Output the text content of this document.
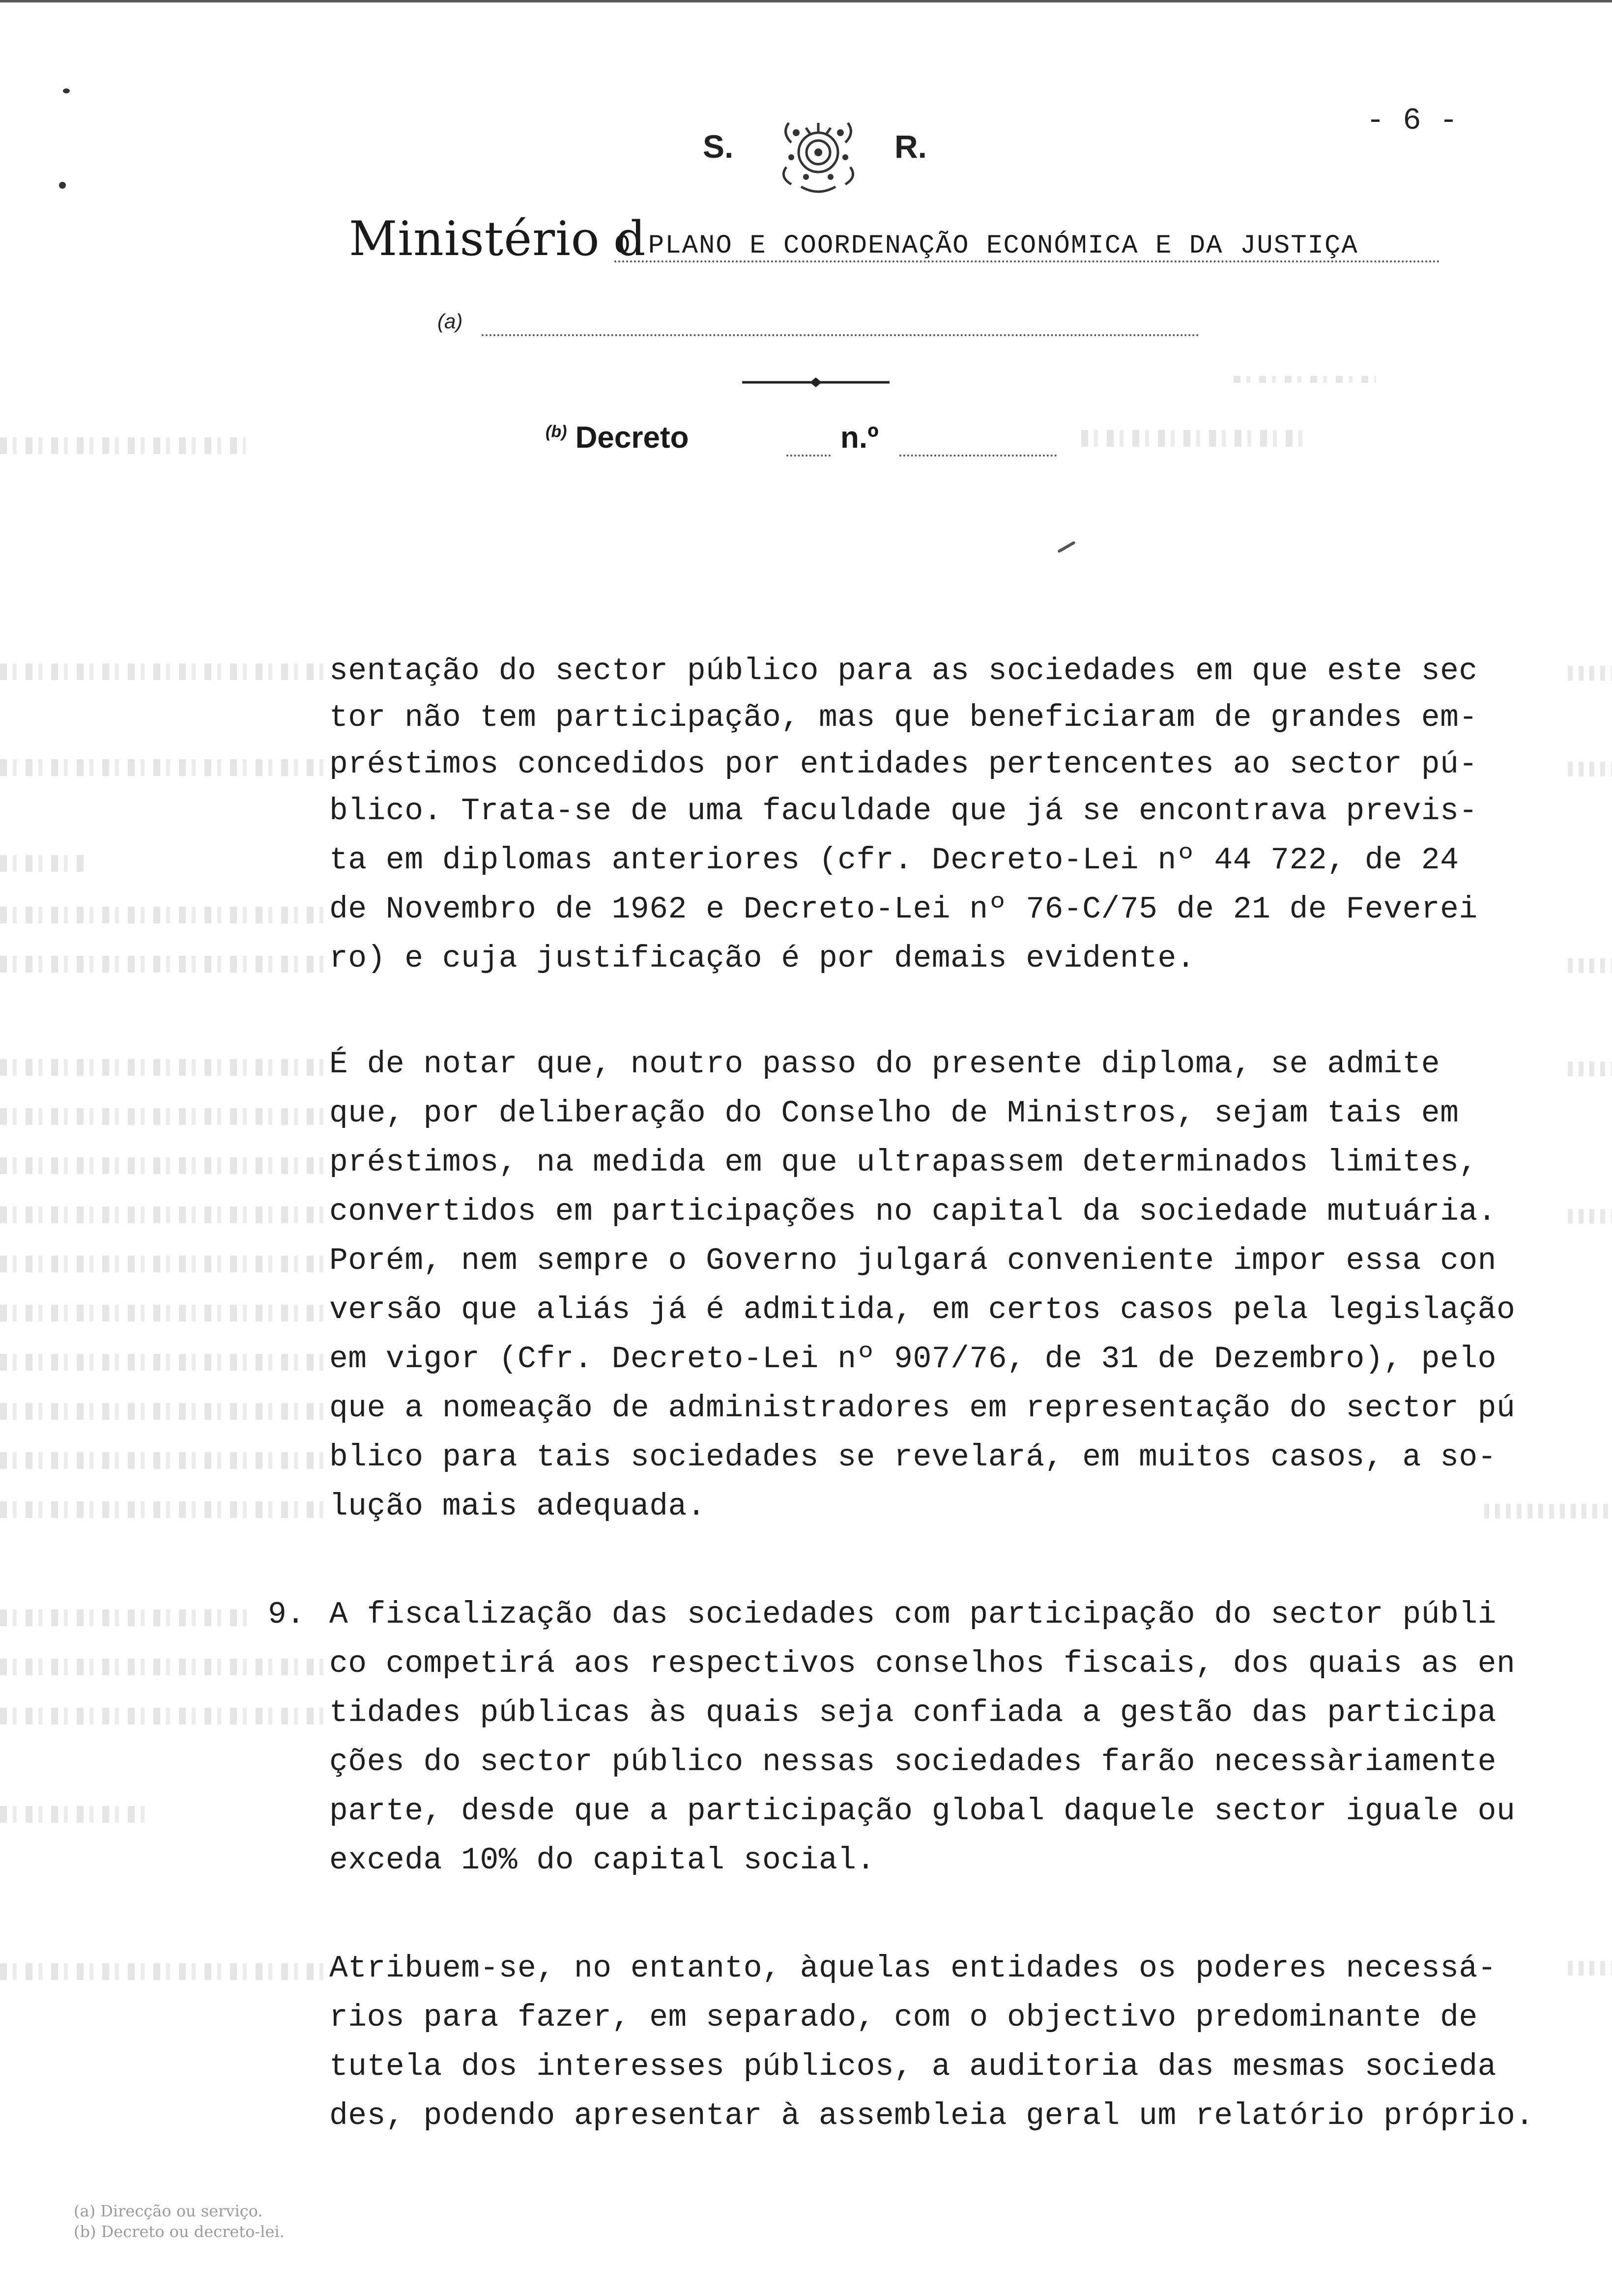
S.	R.
- 6 -
Ministério d
O PLANO E COORDENAÇÃO ECONÓMICA E DA JUSTIÇA
(a)
$^{(b)}$ Decreto	n.º
sentação do sector público para as sociedades em que este sec
tor não tem participação, mas que beneficiaram de grandes em-
préstimos concedidos por entidades pertencentes ao sector pú-
blico. Trata-se de uma faculdade que já se encontrava previs-
ta em diplomas anteriores (cfr. Decreto-Lei nº 44 722, de 24
de Novembro de 1962 e Decreto-Lei nº 76-C/75 de 21 de Feverei
ro) e cuja justificação é por demais evidente.
É de notar que, noutro passo do presente diploma, se admite
que, por deliberação do Conselho de Ministros, sejam tais em
préstimos, na medida em que ultrapassem determinados limites,
convertidos em participações no capital da sociedade mutuária.
Porém, nem sempre o Governo julgará conveniente impor essa con
versão que aliás já é admitida, em certos casos pela legislação
em vigor (Cfr. Decreto-Lei nº 907/76, de 31 de Dezembro), pelo
que a nomeação de administradores em representação do sector pú
blico para tais sociedades se revelará, em muitos casos, a so-
lução mais adequada.
9. A fiscalização das sociedades com participação do sector públi
co competirá aos respectivos conselhos fiscais, dos quais as en
tidades públicas às quais seja confiada a gestão das participa
ções do sector público nessas sociedades farão necessàriamente
parte, desde que a participação global daquele sector iguale ou
exceda 10% do capital social.
Atribuem-se, no entanto, àquelas entidades os poderes necessá-
rios para fazer, em separado, com o objectivo predominante de
tutela dos interesses públicos, a auditoria das mesmas socieda
des, podendo apresentar à assembleia geral um relatório próprio.
(a) Direcção ou serviço.
(b) Decreto ou decreto-lei.
